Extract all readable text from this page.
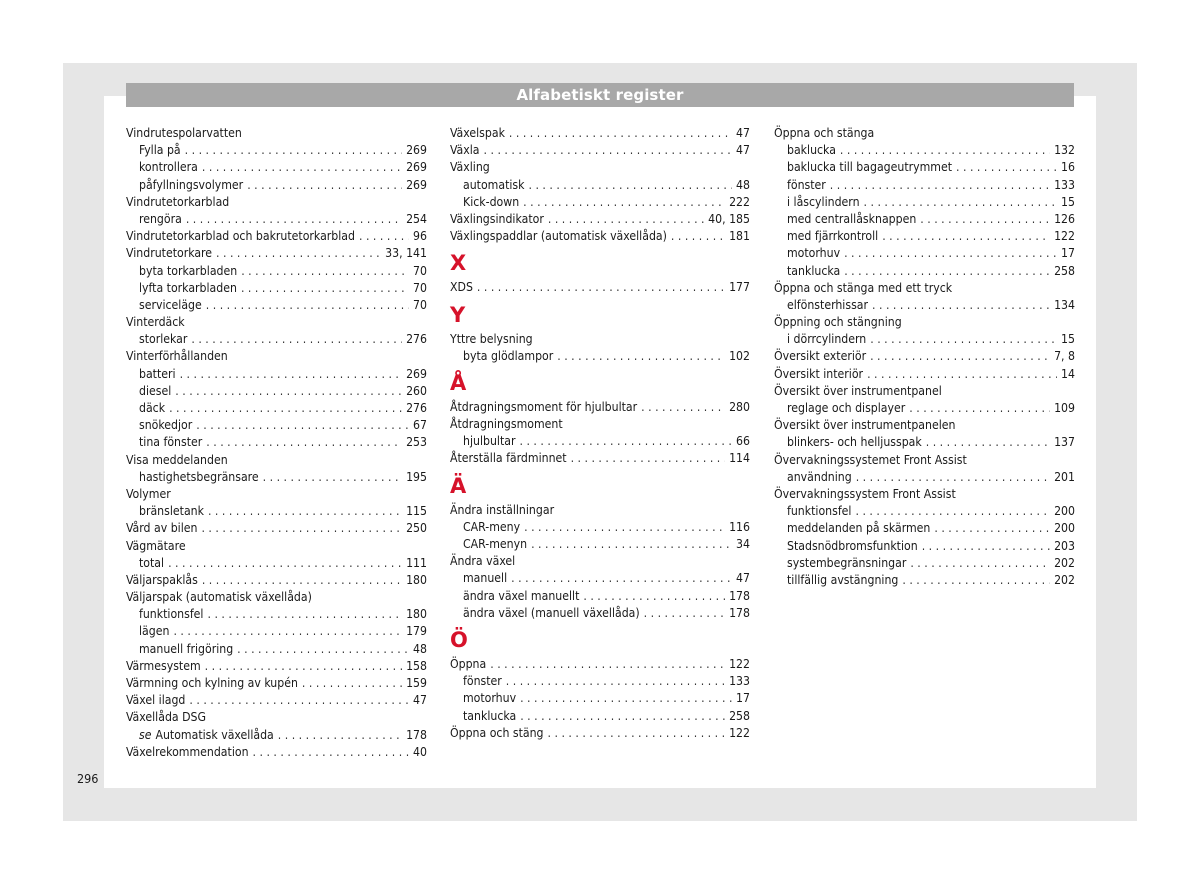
Alfabetiskt register
Vindrutespolarvatten
Fylla på . . .	269
kontrollera . . .	269
påfyllningsvolymer . . .	269
Vindrutetorkarblad
rengöra . . .	254
Vindrutetorkarblad och bakrutetorkarblad . . .	96
Vindrutetorkare . . .	33, 141
byta torkarbladen . . .	70
lyfta torkarbladen . . .	70
serviceläge . . .	70
Vinterdäck
storlekar . . .	276
Vinterförhållanden
batteri . . .	269
diesel . . .	260
däck . . .	276
snökedjor . . .	67
tina fönster . . .	253
Visa meddelanden
hastighetsbegränsare . . .	195
Volymer
bränsletank . . .	115
Vård av bilen . . .	250
Vägmätare
total . . .	111
Väljarspaklås . . .	180
Väljarspak (automatisk växellåda)
funktionsfel . . .	180
lägen . . .	179
manuell frigöring . . .	48
Värmesystem . . .	158
Värmning och kylning av kupén . . .	159
Växel ilagd . . .	47
Växellåda DSG
se Automatisk växellåda . . .	178
Växelrekommendation . . .	40
Växelspak . . .	47
Växla . . .	47
Växling
automatisk . . .	48
Kick-down . . .	222
Växlingsindikator . . .	40, 185
Växlingspaddlar (automatisk växellåda) . . .	181
X
XDS . . .	177
Y
Yttre belysning
byta glödlampor . . .	102
Å
Åtdragningsmoment för hjulbultar . . .	280
Åtdragningsmoment
hjulbultar . . .	66
Återställa färdminnet . . .	114
Ä
Ändra inställningar
CAR-meny . . .	116
CAR-menyn . . .	34
Ändra växel
manuell . . .	47
ändra växel manuellt . . .	178
ändra växel (manuell växellåda) . . .	178
Ö
Öppna . . .	122
fönster . . .	133
motorhuv . . .	17
tanklucka . . .	258
Öppna och stäng . . .	122
Öppna och stänga
baklucka . . .	132
baklucka till bagageutrymmet . . .	16
fönster . . .	133
i låscylindern . . .	15
med centrallåsknappen . . .	126
med fjärrkontroll . . .	122
motorhuv . . .	17
tanklucka . . .	258
Öppna och stänga med ett tryck
elfönsterhissar . . .	134
Öppning och stängning
i dörrcylindern . . .	15
Översikt exteriör . . .	7, 8
Översikt interiör . . .	14
Översikt över instrumentpanel
reglage och displayer . . .	109
Översikt över instrumentpanelen
blinkers- och helljusspak . . .	137
Övervakningssystemet Front Assist
användning . . .	201
Övervakningssystem Front Assist
funktionsfel . . .	200
meddelanden på skärmen . . .	200
Stadsnödbromsfunktion . . .	203
systembegränsningar . . .	202
tillfällig avstängning . . .	202
296
